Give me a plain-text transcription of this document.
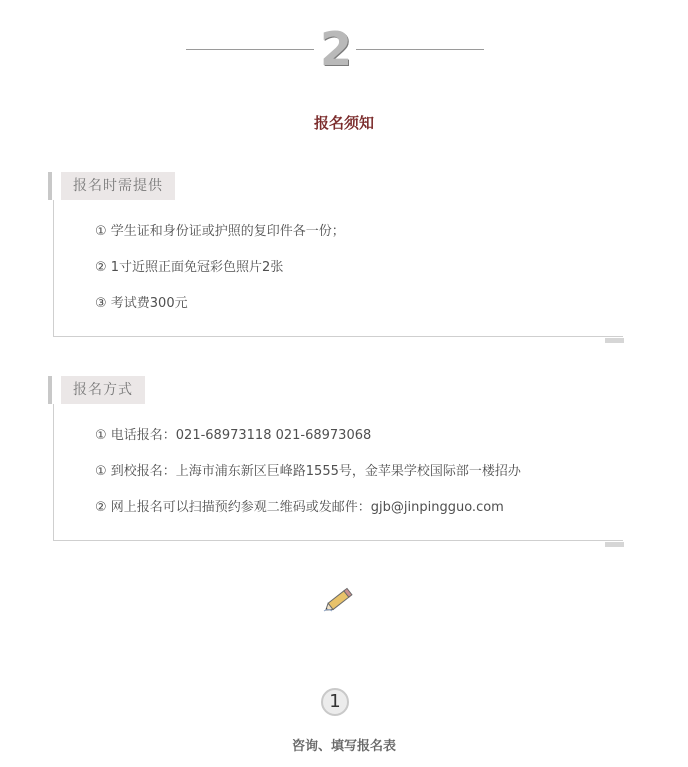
2
报名须知
报名时需提供
① 学生证和身份证或护照的复印件各一份；
② 1寸近照正面免冠彩色照片2张
③ 考试费300元
报名方式
① 电话报名：021-68973118 021-68973068
① 到校报名：上海市浦东新区巨峰路1555号，金苹果学校国际部一楼招办
② 网上报名可以扫描预约参观二维码或发邮件：gjb@jinpingguo.com
1
咨询、填写报名表
